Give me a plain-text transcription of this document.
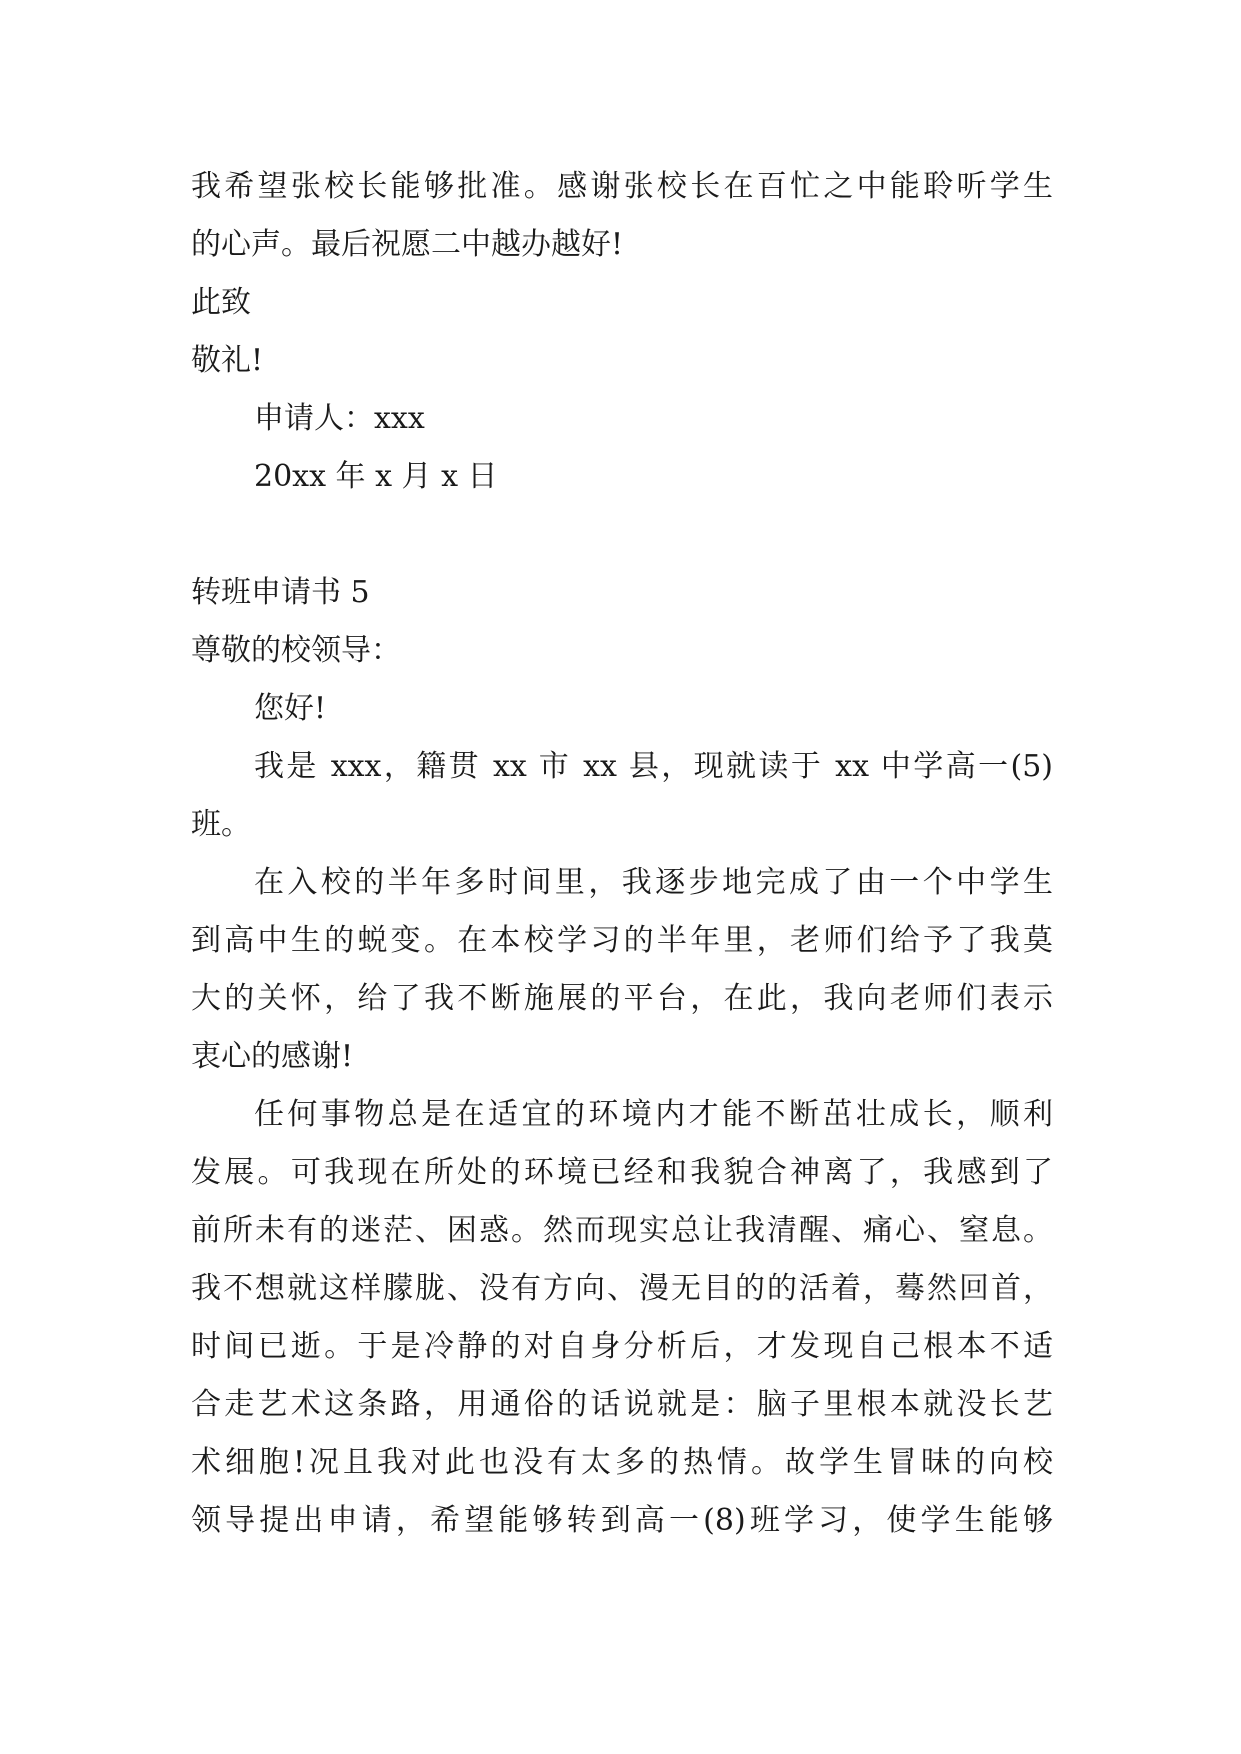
我希望张校长能够批准。感谢张校长在百忙之中能聆听学生
的心声。最后祝愿二中越办越好!
此致
敬礼!
申请人：xxx
20xx 年 x 月 x 日
转班申请书 5
尊敬的校领导：
您好!
我是 xxx，籍贯 xx 市 xx 县，现就读于 xx 中学高一(5)
班。
在入校的半年多时间里，我逐步地完成了由一个中学生
到高中生的蜕变。在本校学习的半年里，老师们给予了我莫
大的关怀，给了我不断施展的平台，在此，我向老师们表示
衷心的感谢!
任何事物总是在适宜的环境内才能不断茁壮成长，顺利
发展。可我现在所处的环境已经和我貌合神离了，我感到了
前所未有的迷茫、困惑。然而现实总让我清醒、痛心、窒息。
我不想就这样朦胧、没有方向、漫无目的的活着，蓦然回首，
时间已逝。于是冷静的对自身分析后，才发现自己根本不适
合走艺术这条路，用通俗的话说就是：脑子里根本就没长艺
术细胞!况且我对此也没有太多的热情。故学生冒昧的向校
领导提出申请，希望能够转到高一(8)班学习，使学生能够
